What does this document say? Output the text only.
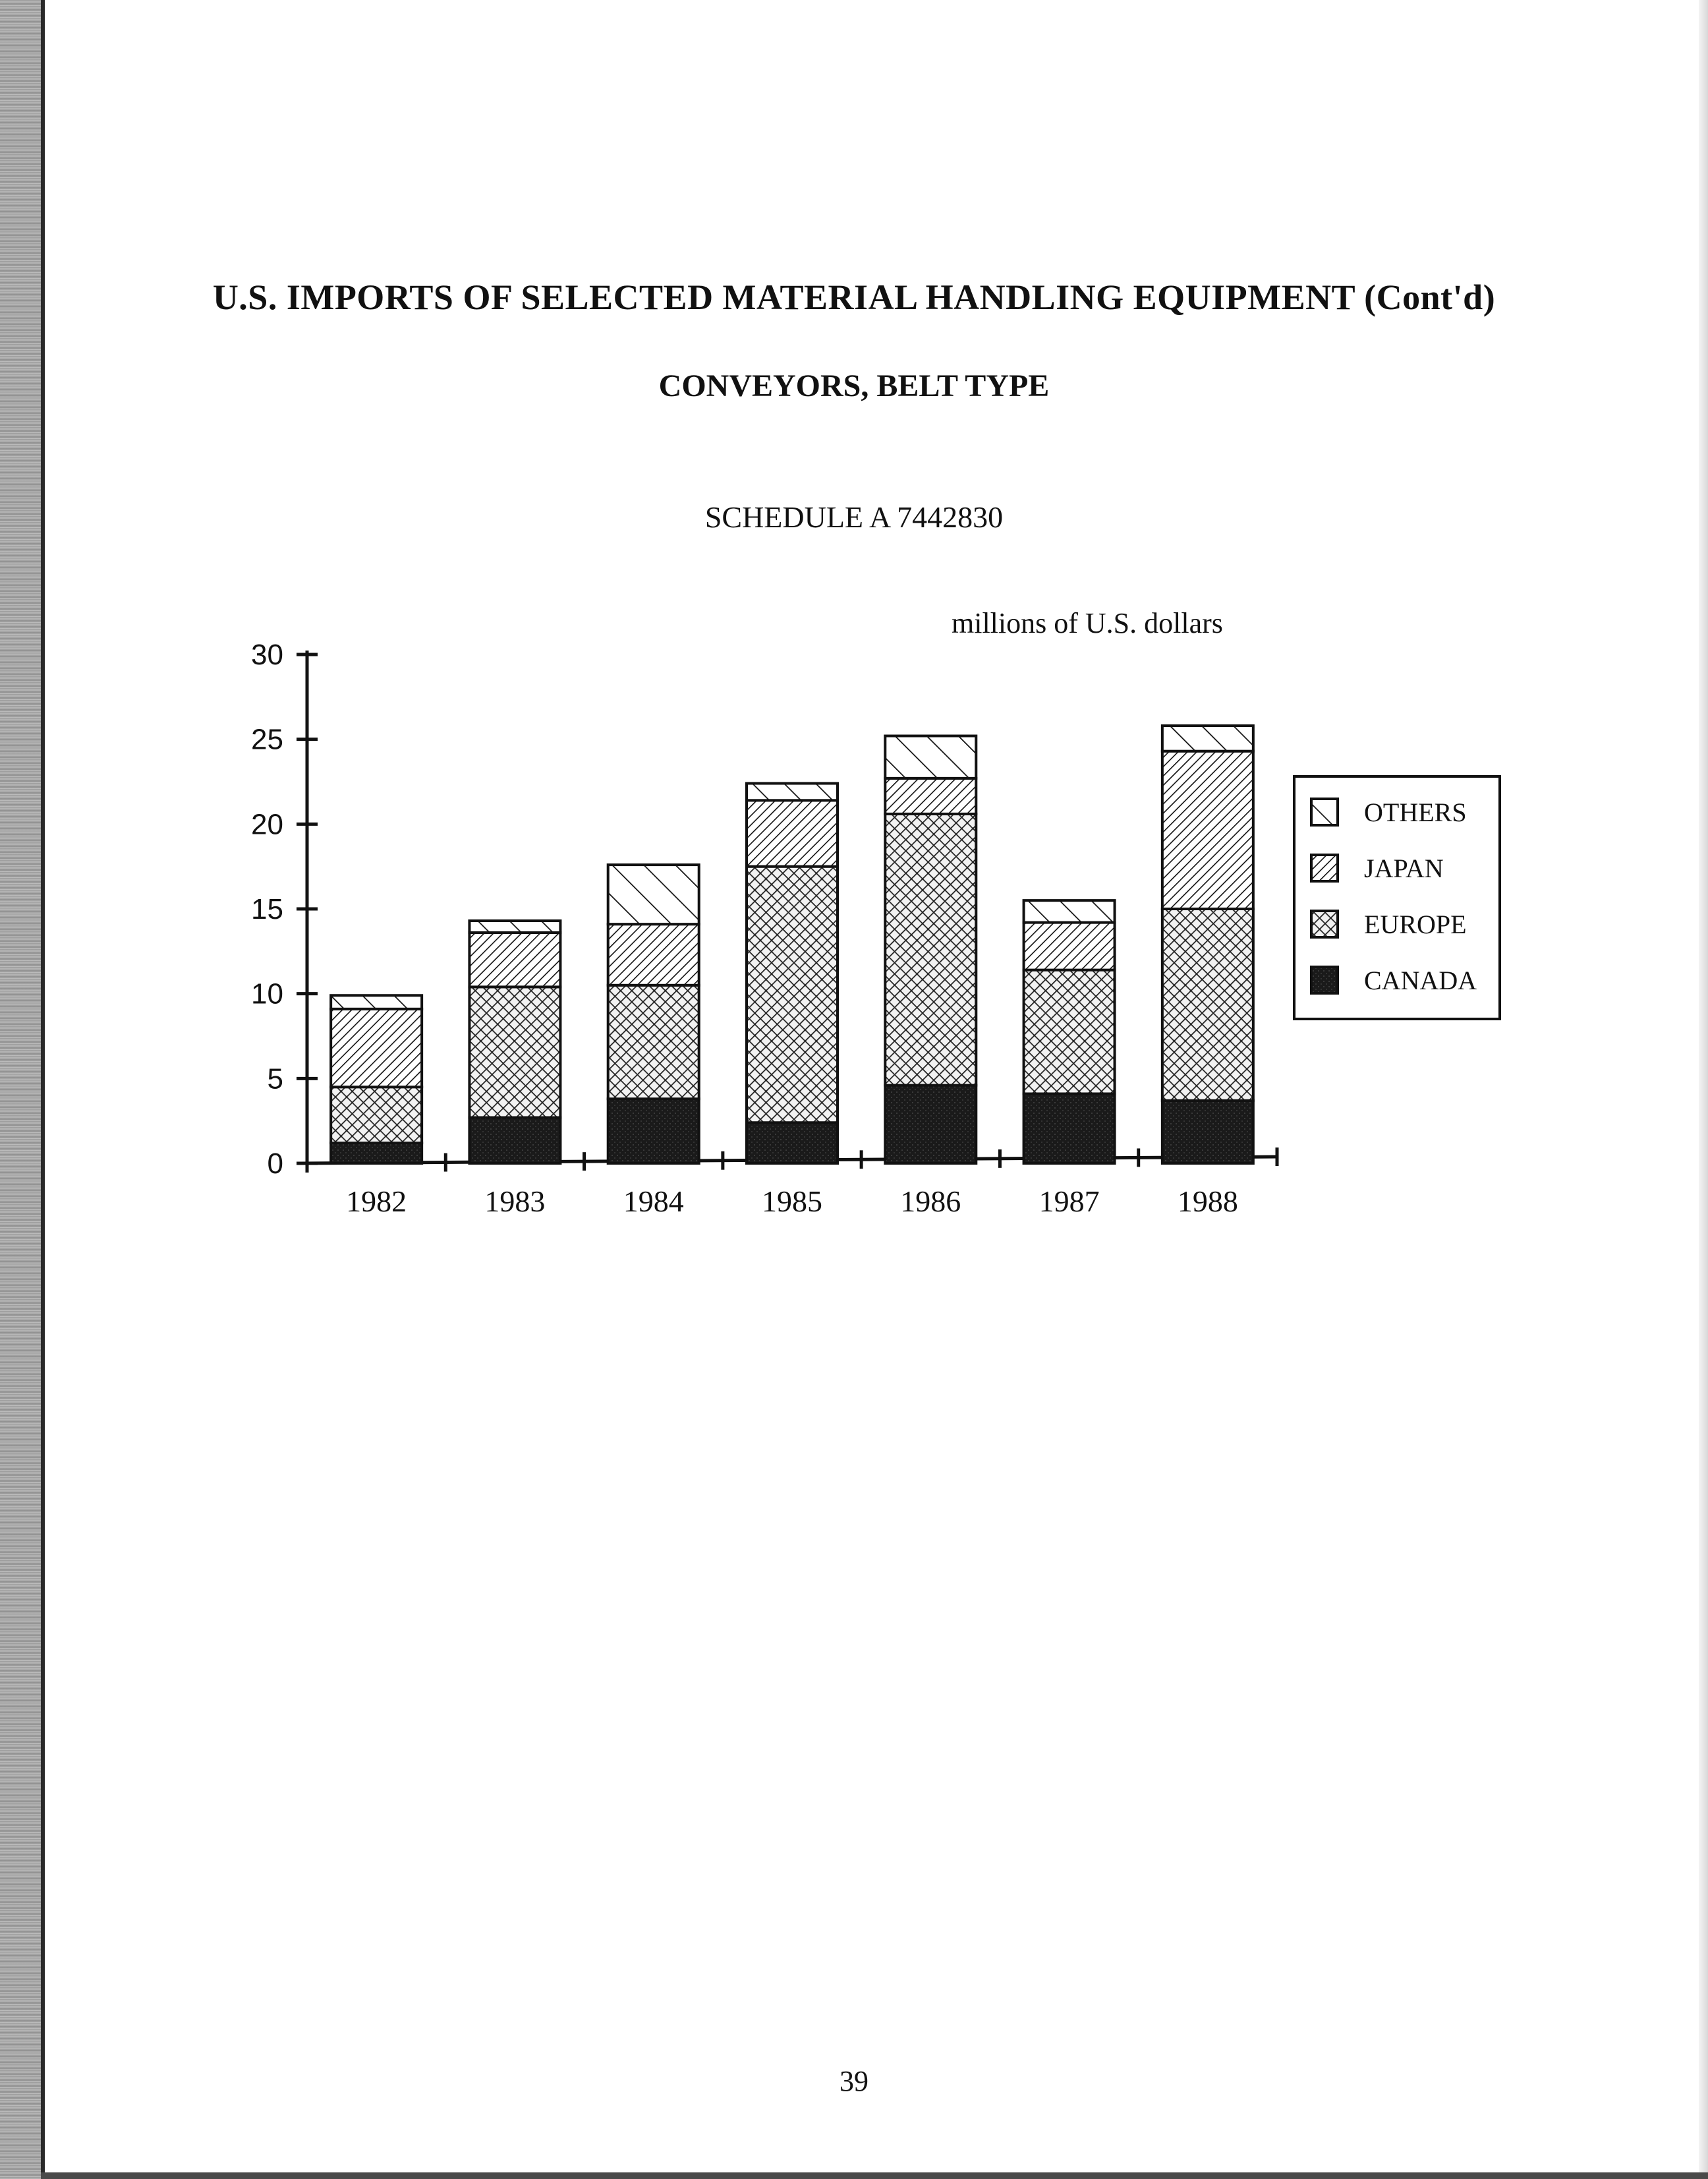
U.S. IMPORTS OF SELECTED MATERIAL HANDLING EQUIPMENT (Cont'd)
CONVEYORS, BELT TYPE
SCHEDULE A 7442830
millions of U.S. dollars
0
5
10
15
20
25
30
1982	1983	1984	1985	1986	1987	1988
OTHERS
JAPAN
EUROPE
CANADA
39
